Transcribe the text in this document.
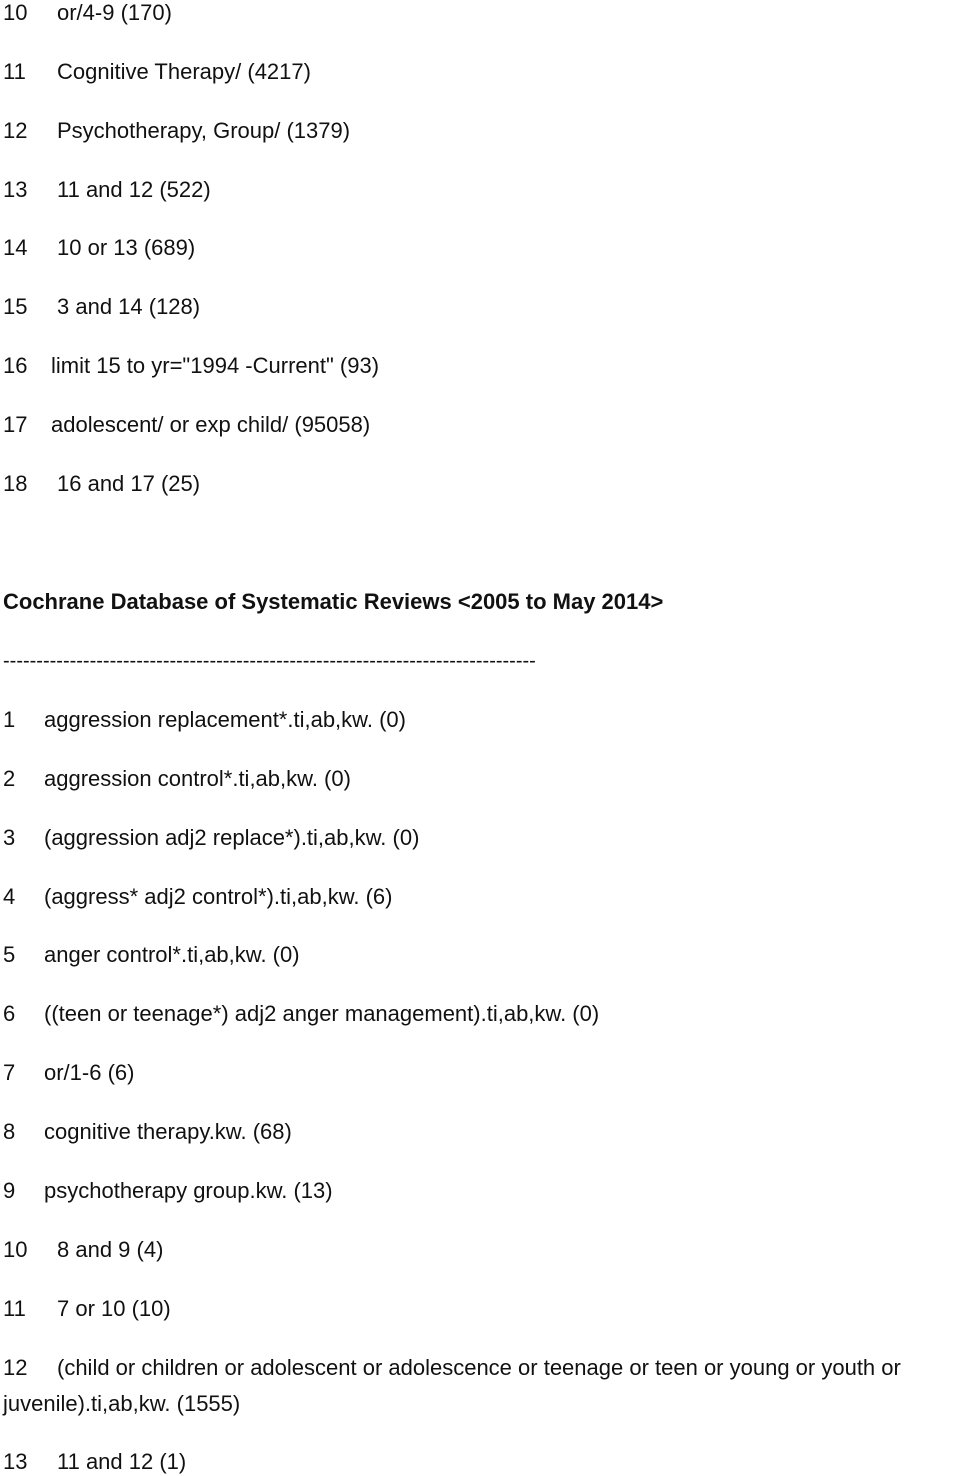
10 or/4-9 (170)
11 Cognitive Therapy/ (4217)
12 Psychotherapy, Group/ (1379)
13 11 and 12 (522)
14 10 or 13 (689)
15 3 and 14 (128)
16 limit 15 to yr="1994 -Current" (93)
17 adolescent/ or exp child/ (95058)
18 16 and 17 (25)
Cochrane Database of Systematic Reviews <2005 to May 2014>
--------------------------------------------------------------------------------
1 aggression replacement*.ti,ab,kw. (0)
2 aggression control*.ti,ab,kw. (0)
3 (aggression adj2 replace*).ti,ab,kw. (0)
4 (aggress* adj2 control*).ti,ab,kw. (6)
5 anger control*.ti,ab,kw. (0)
6 ((teen or teenage*) adj2 anger management).ti,ab,kw. (0)
7 or/1-6 (6)
8 cognitive therapy.kw. (68)
9 psychotherapy group.kw. (13)
10 8 and 9 (4)
11 7 or 10 (10)
12 (child or children or adolescent or adolescence or teenage or teen or young or youth or juvenile).ti,ab,kw. (1555)
13 11 and 12 (1)
